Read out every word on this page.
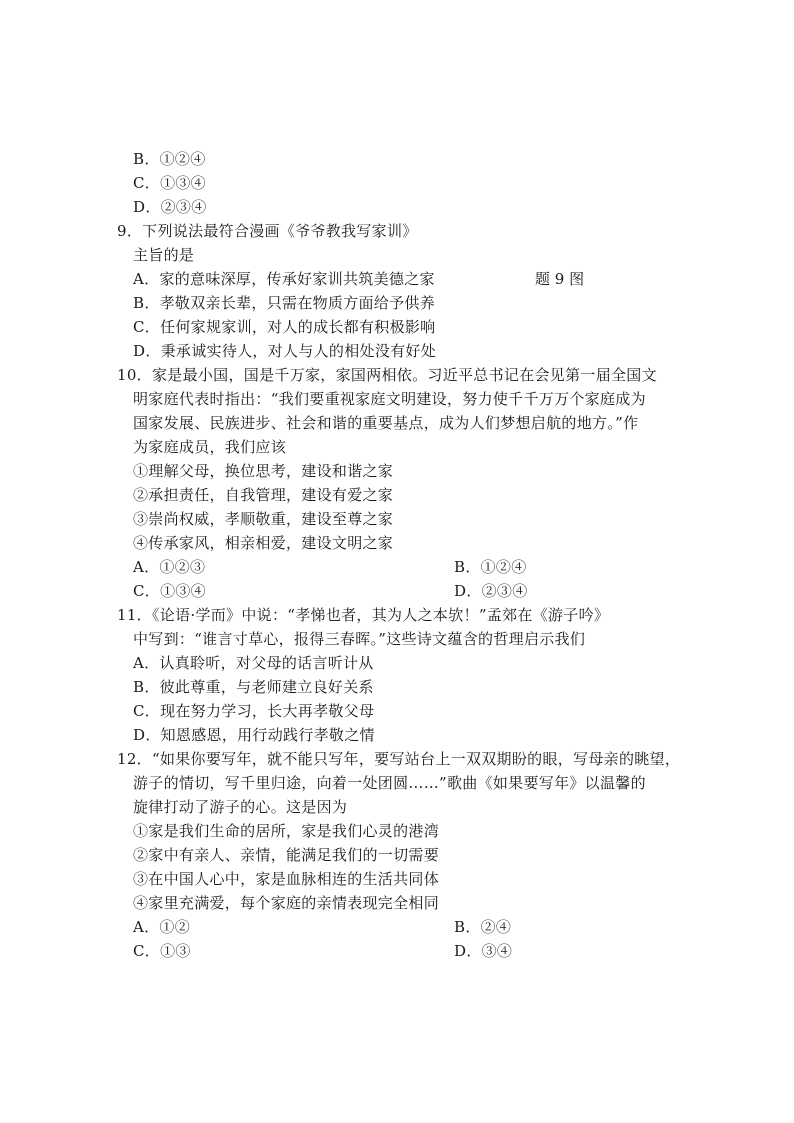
B．①②④
C．①③④
D．②③④
9．下列说法最符合漫画《爷爷教我写家训》
主旨的是
A．家的意味深厚，传承好家训共筑美德之家	题 9 图
B．孝敬双亲长辈，只需在物质方面给予供养
C．任何家规家训，对人的成长都有积极影响
D．秉承诚实待人，对人与人的相处没有好处
10．家是最小国，国是千万家，家国两相依。习近平总书记在会见第一届全国文
明家庭代表时指出：“我们要重视家庭文明建设，努力使千千万万个家庭成为
国家发展、民族进步、社会和谐的重要基点，成为人们梦想启航的地方。”作
为家庭成员，我们应该
①理解父母，换位思考，建设和谐之家
②承担责任，自我管理，建设有爱之家
③崇尚权威，孝顺敬重，建设至尊之家
④传承家风，相亲相爱，建设文明之家
A．①②③	B．①②④
C．①③④	D．②③④
11．《论语·学而》中说：“孝悌也者，其为人之本欤！”孟郊在《游子吟》
中写到：“谁言寸草心，报得三春晖。”这些诗文蕴含的哲理启示我们
A．认真聆听，对父母的话言听计从
B．彼此尊重，与老师建立良好关系
C．现在努力学习，长大再孝敬父母
D．知恩感恩，用行动践行孝敬之情
12．“如果你要写年，就不能只写年，要写站台上一双双期盼的眼，写母亲的眺望，
游子的情切，写千里归途，向着一处团圆……”歌曲《如果要写年》以温馨的
旋律打动了游子的心。这是因为
①家是我们生命的居所，家是我们心灵的港湾
②家中有亲人、亲情，能满足我们的一切需要
③在中国人心中，家是血脉相连的生活共同体
④家里充满爱，每个家庭的亲情表现完全相同
A．①②	B．②④
C．①③	D．③④
